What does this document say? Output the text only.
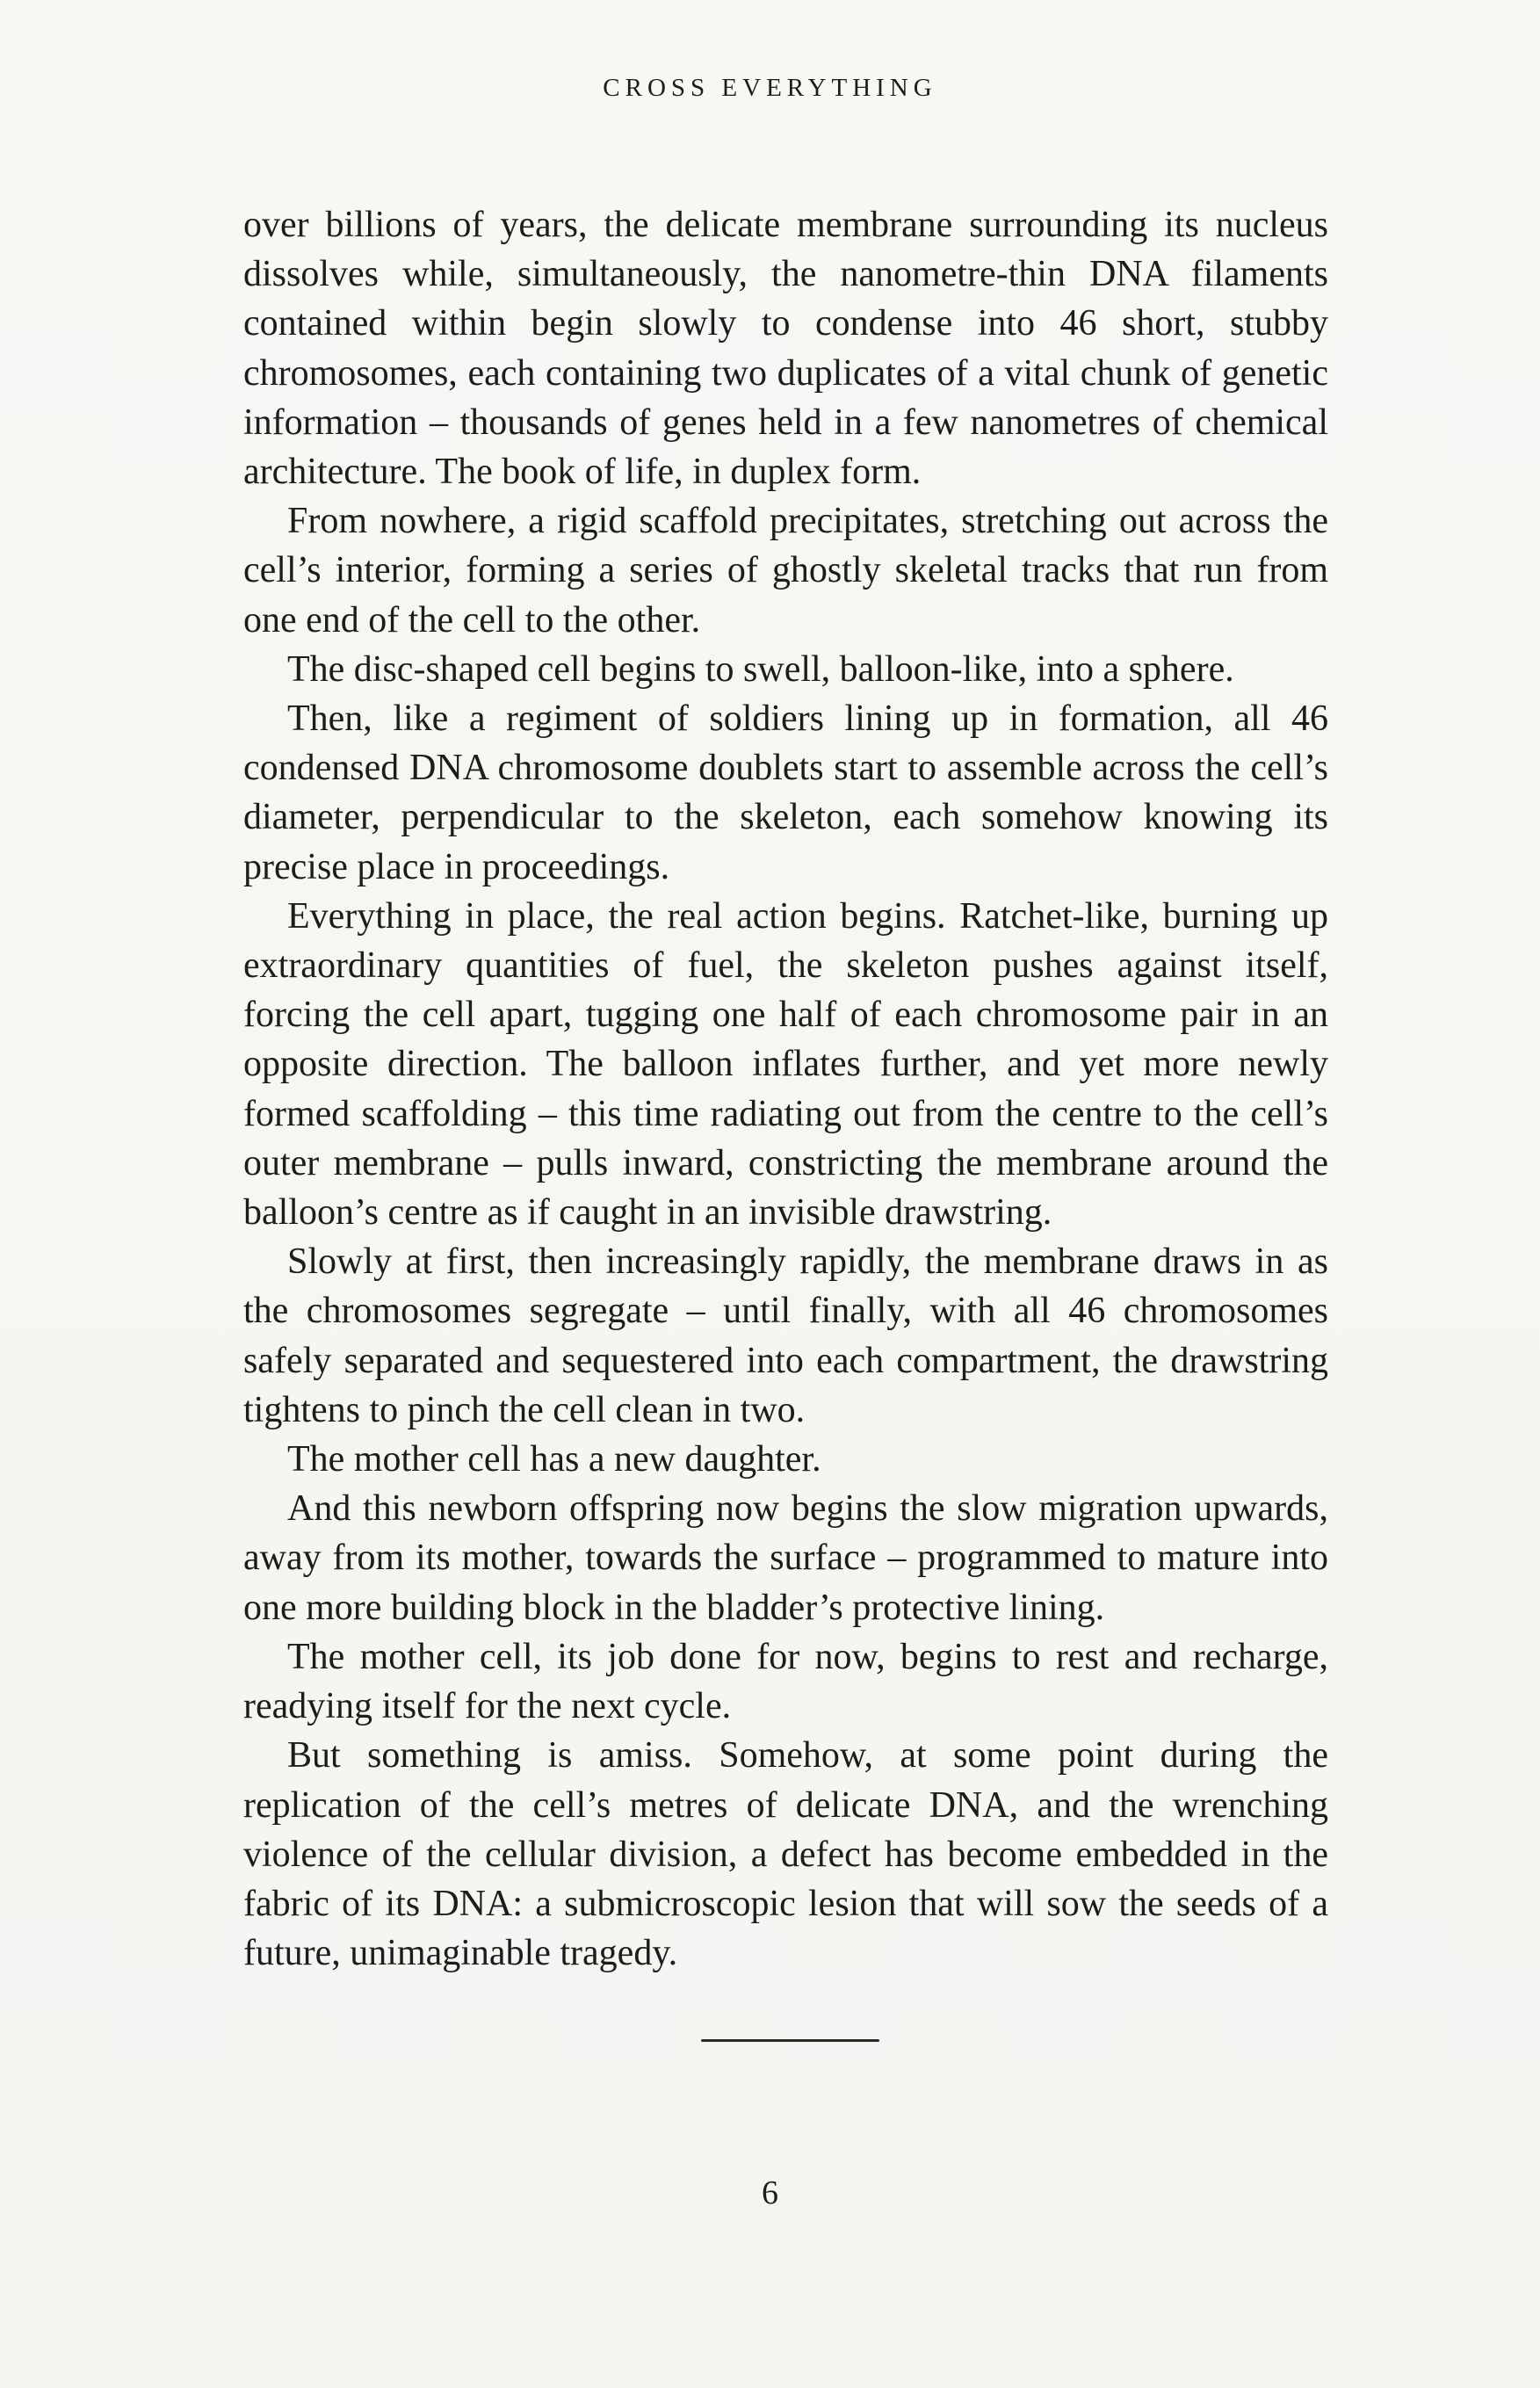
CROSS EVERYTHING

over billions of years, the delicate membrane surrounding its nucleus dissolves while, simultaneously, the nanometre-thin DNA filaments contained within begin slowly to condense into 46 short, stubby chromosomes, each containing two duplicates of a vital chunk of genetic information – thousands of genes held in a few nanometres of chemical architecture. The book of life, in duplex form.

From nowhere, a rigid scaffold precipitates, stretching out across the cell’s interior, forming a series of ghostly skeletal tracks that run from one end of the cell to the other.

The disc-shaped cell begins to swell, balloon-like, into a sphere.

Then, like a regiment of soldiers lining up in formation, all 46 condensed DNA chromosome doublets start to assemble across the cell’s diameter, perpendicular to the skeleton, each somehow knowing its precise place in proceedings.

Everything in place, the real action begins. Ratchet-like, burning up extraordinary quantities of fuel, the skeleton pushes against itself, forcing the cell apart, tugging one half of each chromosome pair in an opposite direction. The balloon inflates further, and yet more newly formed scaffolding – this time radiating out from the centre to the cell’s outer membrane – pulls inward, constricting the membrane around the balloon’s centre as if caught in an invisible drawstring.

Slowly at first, then increasingly rapidly, the membrane draws in as the chromosomes segregate – until finally, with all 46 chromosomes safely separated and sequestered into each compartment, the drawstring tightens to pinch the cell clean in two.

The mother cell has a new daughter.

And this newborn offspring now begins the slow migration upwards, away from its mother, towards the surface – programmed to mature into one more building block in the bladder’s protective lining.

The mother cell, its job done for now, begins to rest and recharge, readying itself for the next cycle.

But something is amiss. Somehow, at some point during the replication of the cell’s metres of delicate DNA, and the wrenching violence of the cellular division, a defect has become embedded in the fabric of its DNA: a submicroscopic lesion that will sow the seeds of a future, unimaginable tragedy.

6
